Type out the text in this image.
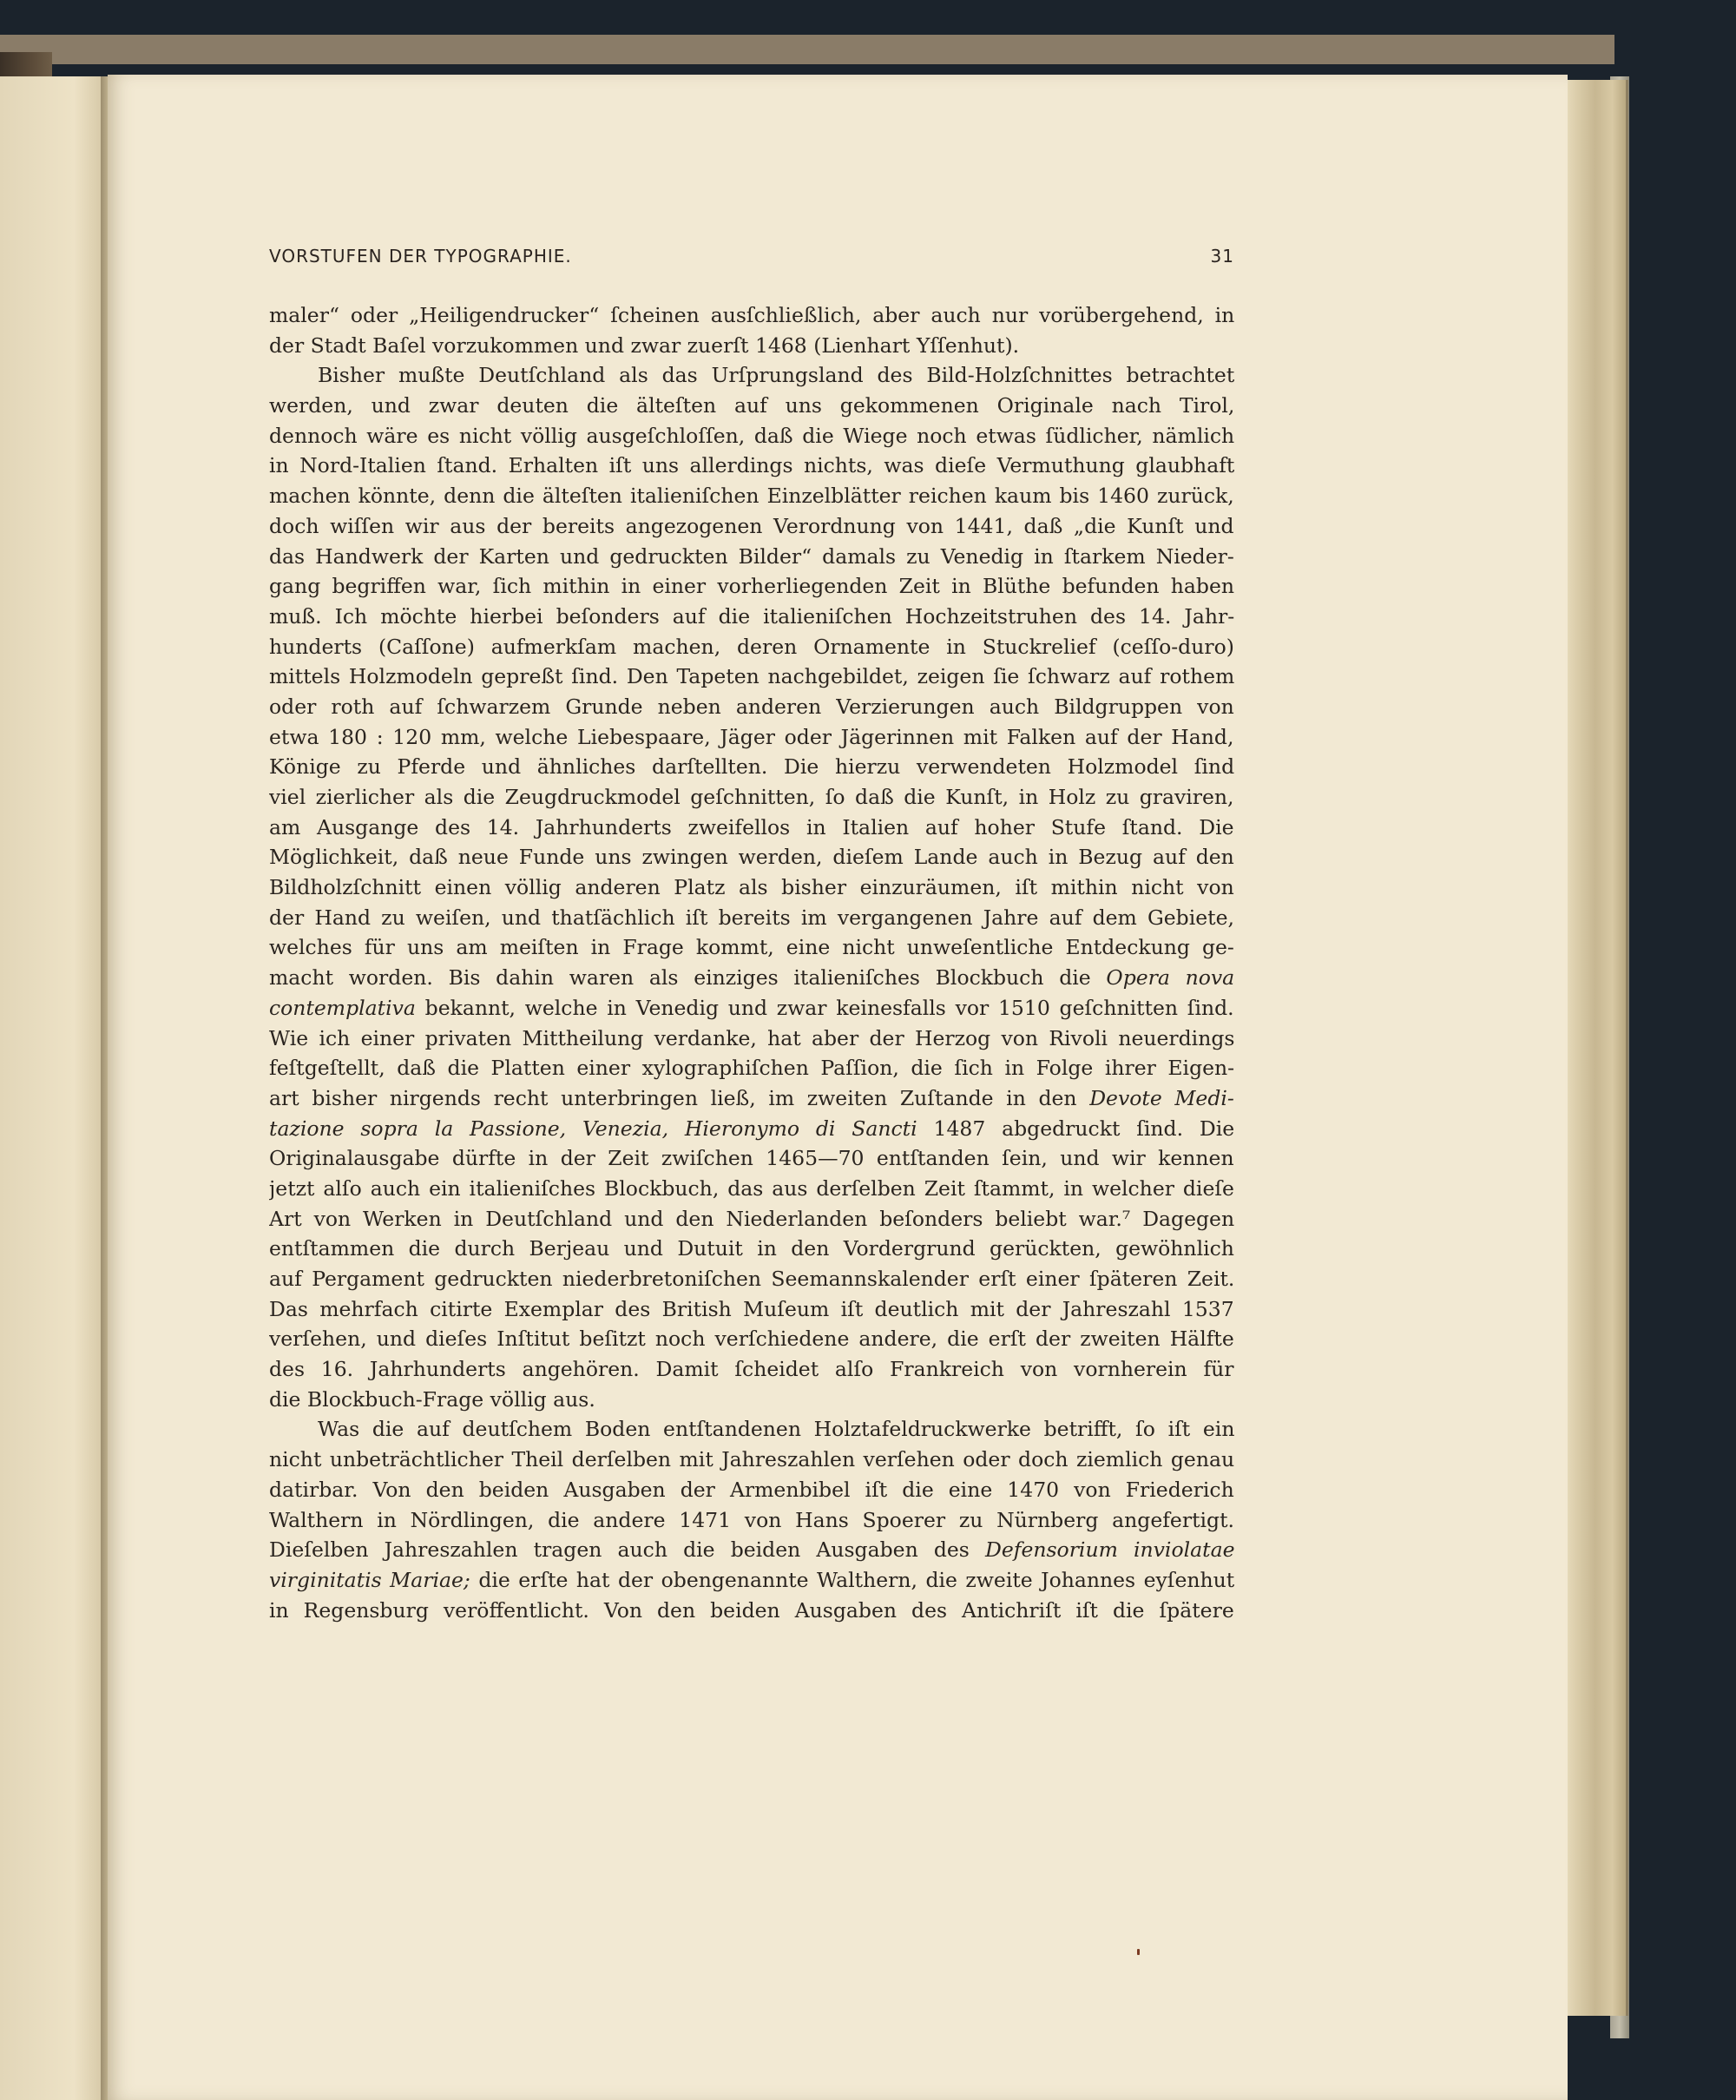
VORSTUFEN DER TYPOGRAPHIE.	31
maler“ oder „Heiligendrucker“ ſcheinen ausſchließlich, aber auch nur vorübergehend, in
der Stadt Baſel vorzukommen und zwar zuerſt 1468 (Lienhart Yſſenhut).
Bisher mußte Deutſchland als das Urſprungsland des Bild-Holzſchnittes betrachtet
werden, und zwar deuten die älteſten auf uns gekommenen Originale nach Tirol,
dennoch wäre es nicht völlig ausgeſchloſſen, daß die Wiege noch etwas ſüdlicher, nämlich
in Nord-Italien ſtand. Erhalten iſt uns allerdings nichts, was dieſe Vermuthung glaubhaft
machen könnte, denn die älteſten italieniſchen Einzelblätter reichen kaum bis 1460 zurück,
doch wiſſen wir aus der bereits angezogenen Verordnung von 1441, daß „die Kunſt und
das Handwerk der Karten und gedruckten Bilder“ damals zu Venedig in ſtarkem Nieder-
gang begriffen war, ſich mithin in einer vorherliegenden Zeit in Blüthe befunden haben
muß. Ich möchte hierbei beſonders auf die italieniſchen Hochzeitstruhen des 14. Jahr-
hunderts (Caſſone) aufmerkſam machen, deren Ornamente in Stuckrelief (ceſſo-duro)
mittels Holzmodeln gepreßt ſind. Den Tapeten nachgebildet, zeigen ſie ſchwarz auf rothem
oder roth auf ſchwarzem Grunde neben anderen Verzierungen auch Bildgruppen von
etwa 180 : 120 mm, welche Liebespaare, Jäger oder Jägerinnen mit Falken auf der Hand,
Könige zu Pferde und ähnliches darſtellten. Die hierzu verwendeten Holzmodel ſind
viel zierlicher als die Zeugdruckmodel geſchnitten, ſo daß die Kunſt, in Holz zu graviren,
am Ausgange des 14. Jahrhunderts zweifellos in Italien auf hoher Stufe ſtand. Die
Möglichkeit, daß neue Funde uns zwingen werden, dieſem Lande auch in Bezug auf den
Bildholzſchnitt einen völlig anderen Platz als bisher einzuräumen, iſt mithin nicht von
der Hand zu weiſen, und thatſächlich iſt bereits im vergangenen Jahre auf dem Gebiete,
welches für uns am meiſten in Frage kommt, eine nicht unweſentliche Entdeckung ge-
macht worden. Bis dahin waren als einziges italieniſches Blockbuch die Opera nova
contemplativa bekannt, welche in Venedig und zwar keinesfalls vor 1510 geſchnitten ſind.
Wie ich einer privaten Mittheilung verdanke, hat aber der Herzog von Rivoli neuerdings
feſtgeſtellt, daß die Platten einer xylographiſchen Paſſion, die ſich in Folge ihrer Eigen-
art bisher nirgends recht unterbringen ließ, im zweiten Zuſtande in den Devote Medi-
tazione sopra la Passione, Venezia, Hieronymo di Sancti 1487 abgedruckt ſind. Die
Originalausgabe dürfte in der Zeit zwiſchen 1465—70 entſtanden ſein, und wir kennen
jetzt alſo auch ein italieniſches Blockbuch, das aus derſelben Zeit ſtammt, in welcher dieſe
Art von Werken in Deutſchland und den Niederlanden beſonders beliebt war.⁷ Dagegen
entſtammen die durch Berjeau und Dutuit in den Vordergrund gerückten, gewöhnlich
auf Pergament gedruckten niederbretoniſchen Seemannskalender erſt einer ſpäteren Zeit.
Das mehrfach citirte Exemplar des British Muſeum iſt deutlich mit der Jahreszahl 1537
verſehen, und dieſes Inſtitut beſitzt noch verſchiedene andere, die erſt der zweiten Hälfte
des 16. Jahrhunderts angehören. Damit ſcheidet alſo Frankreich von vornherein für
die Blockbuch-Frage völlig aus.
Was die auf deutſchem Boden entſtandenen Holztafeldruckwerke betrifft, ſo iſt ein
nicht unbeträchtlicher Theil derſelben mit Jahreszahlen verſehen oder doch ziemlich genau
datirbar. Von den beiden Ausgaben der Armenbibel iſt die eine 1470 von Friederich
Walthern in Nördlingen, die andere 1471 von Hans Spoerer zu Nürnberg angefertigt.
Dieſelben Jahreszahlen tragen auch die beiden Ausgaben des Defensorium inviolatae
virginitatis Mariae; die erſte hat der obengenannte Walthern, die zweite Johannes eyſenhut
in Regensburg veröffentlicht. Von den beiden Ausgaben des Antichriſt iſt die ſpätere
